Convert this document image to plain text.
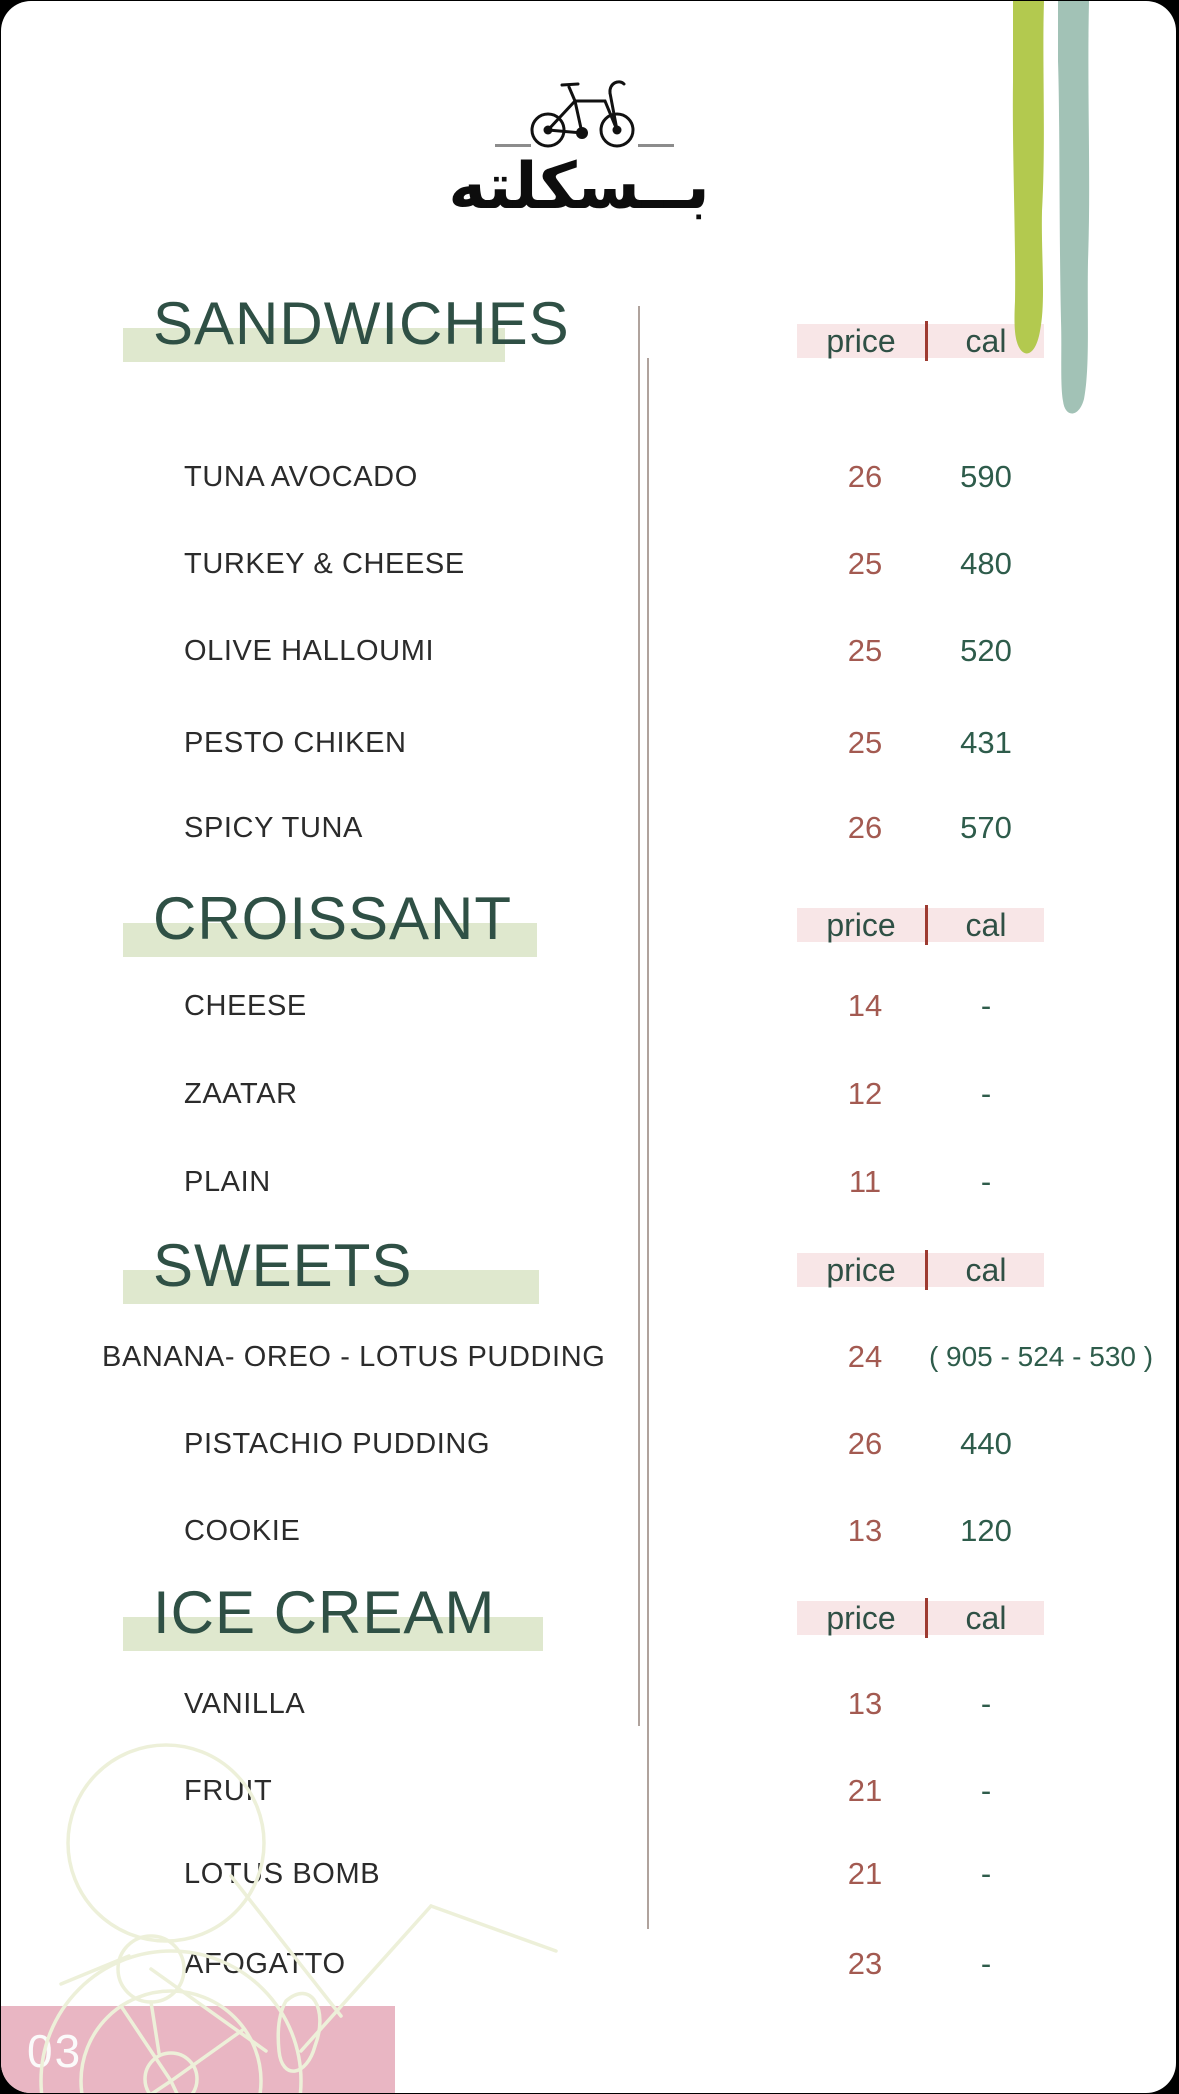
بــسكلته
SANDWICHES	price	cal
TUNA AVOCADO	26	590
TURKEY & CHEESE	25	480
OLIVE HALLOUMI	25	520
PESTO CHIKEN	25	431
SPICY TUNA	26	570
CROISSANT	price	cal
CHEESE	14	-
ZAATAR	12	-
PLAIN	11	-
SWEETS	price	cal
BANANA- OREO - LOTUS PUDDING	24	( 905 - 524 - 530 )
PISTACHIO PUDDING	26	440
COOKIE	13	120
ICE CREAM	price	cal
VANILLA	13	-
FRUIT	21	-
LOTUS BOMB	21	-
AFOGATTO	23	-
03
